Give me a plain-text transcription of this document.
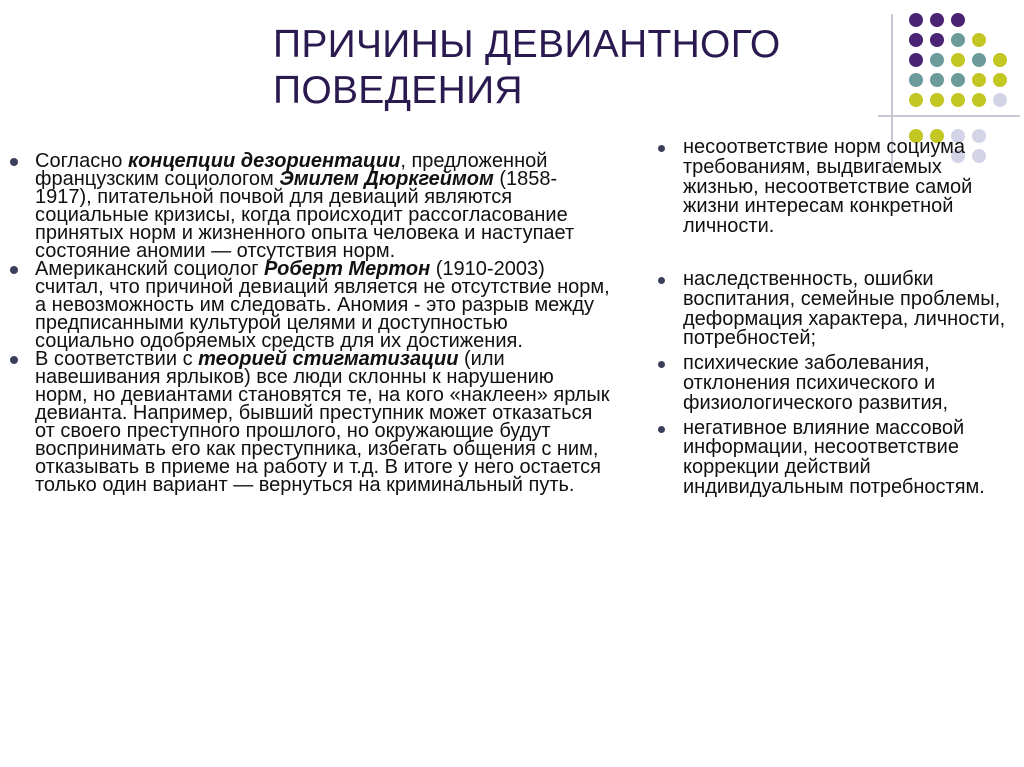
ПРИЧИНЫ ДЕВИАНТНОГО
ПОВЕДЕНИЯ
Согласно концепции дезориентации, предложенной французским социологом Эмилем Дюркгеймом (1858-1917), питательной почвой для девиаций являются социальные кризисы, когда происходит рассогласование принятых норм и жизненного опыта человека и наступает состояние аномии — отсутствия норм.
Американский социолог Роберт Мертон (1910-2003) считал, что причиной девиаций является не отсутствие норм, а невозможность им следовать. Аномия - это разрыв между предписанными культурой целями и доступностью социально одобряемых средств для их достижения.
В соответствии с теорией стигматизации (или навешивания ярлыков) все люди склонны к нарушению норм, но девиантами становятся те, на кого «наклеен» ярлык девианта. Например, бывший преступник может отказаться от своего преступного прошлого, но окружающие будут воспринимать его как преступника, избегать общения с ним, отказывать в приеме на работу и т.д. В итоге у него остается только один вариант — вернуться на криминальный путь.
несоответствие норм социума требованиям, выдвигаемых жизнью, несоответствие самой жизни интересам конкретной личности.
наследственность, ошибки воспитания, семейные проблемы, деформация характера, личности, потребностей;
психические заболевания, отклонения психического и физиологического развития,
негативное влияние массовой информации, несоответствие коррекции действий индивидуальным потребностям.
